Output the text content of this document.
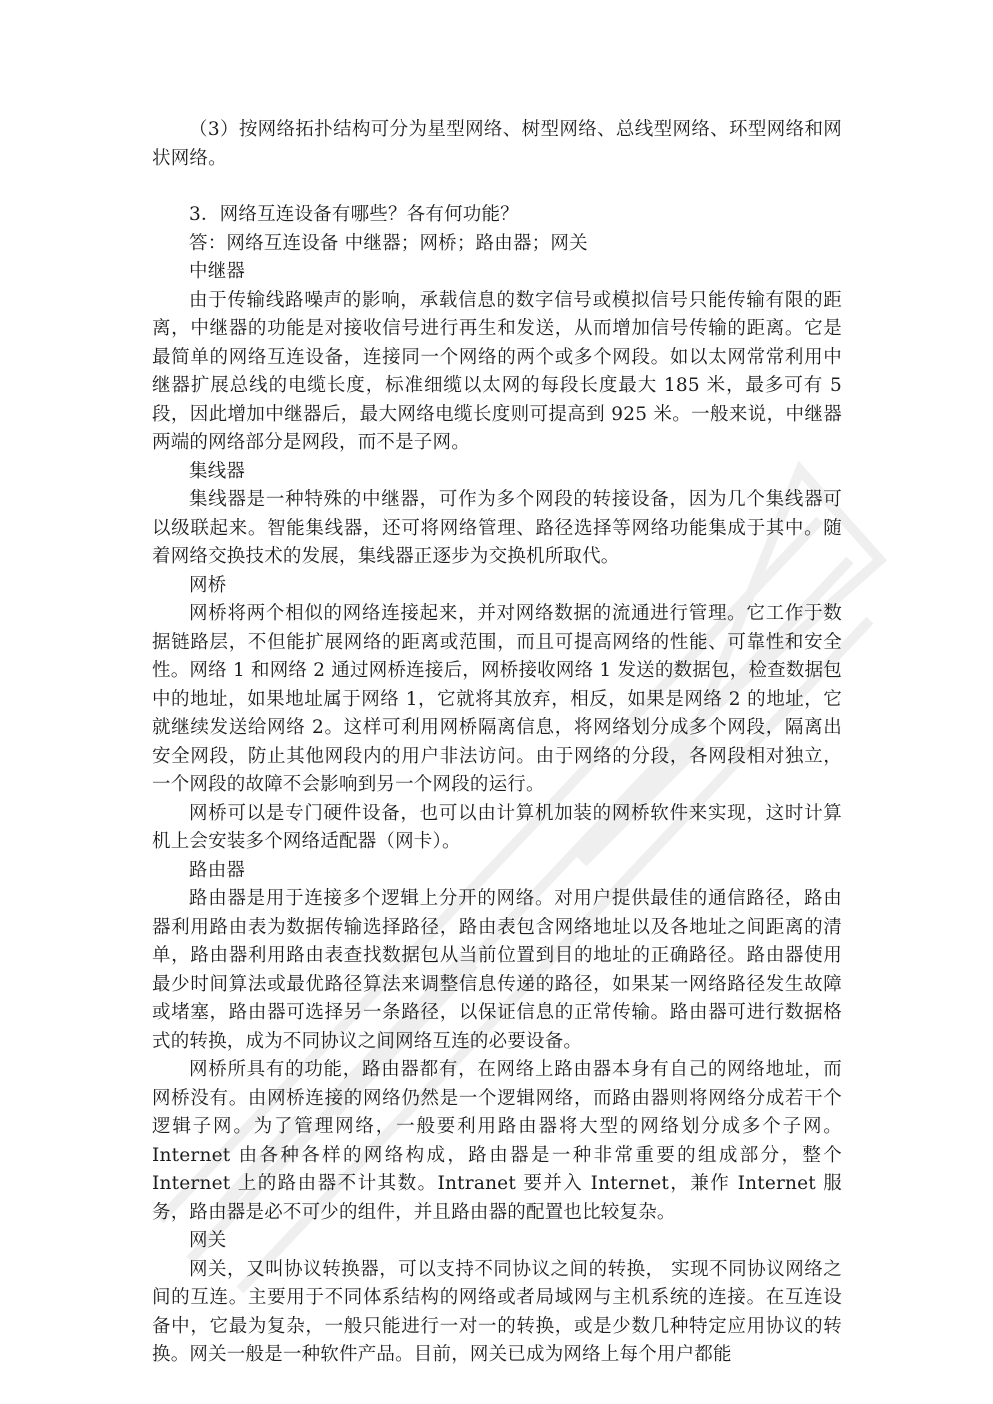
（3）按网络拓扑结构可分为星型网络、树型网络、总线型网络、环型网络和网状网络。

3．网络互连设备有哪些？各有何功能？

答：网络互连设备 中继器；网桥；路由器；网关

中继器

由于传输线路噪声的影响，承载信息的数字信号或模拟信号只能传输有限的距离，中继器的功能是对接收信号进行再生和发送，从而增加信号传输的距离。它是最简单的网络互连设备，连接同一个网络的两个或多个网段。如以太网常常利用中继器扩展总线的电缆长度，标准细缆以太网的每段长度最大 185 米，最多可有 5 段，因此增加中继器后，最大网络电缆长度则可提高到 925 米。一般来说，中继器两端的网络部分是网段，而不是子网。

集线器

集线器是一种特殊的中继器，可作为多个网段的转接设备，因为几个集线器可以级联起来。智能集线器，还可将网络管理、路径选择等网络功能集成于其中。随着网络交换技术的发展，集线器正逐步为交换机所取代。

网桥

网桥将两个相似的网络连接起来，并对网络数据的流通进行管理。它工作于数据链路层，不但能扩展网络的距离或范围，而且可提高网络的性能、可靠性和安全性。网络 1 和网络 2 通过网桥连接后，网桥接收网络 1 发送的数据包，检查数据包中的地址，如果地址属于网络 1，它就将其放弃，相反，如果是网络 2 的地址，它就继续发送给网络 2。这样可利用网桥隔离信息，将网络划分成多个网段，隔离出安全网段，防止其他网段内的用户非法访问。由于网络的分段，各网段相对独立，一个网段的故障不会影响到另一个网段的运行。

网桥可以是专门硬件设备，也可以由计算机加装的网桥软件来实现，这时计算机上会安装多个网络适配器（网卡）。

路由器

路由器是用于连接多个逻辑上分开的网络。对用户提供最佳的通信路径，路由器利用路由表为数据传输选择路径，路由表包含网络地址以及各地址之间距离的清单，路由器利用路由表查找数据包从当前位置到目的地址的正确路径。路由器使用最少时间算法或最优路径算法来调整信息传递的路径，如果某一网络路径发生故障或堵塞，路由器可选择另一条路径，以保证信息的正常传输。路由器可进行数据格式的转换，成为不同协议之间网络互连的必要设备。

网桥所具有的功能，路由器都有，在网络上路由器本身有自己的网络地址，而网桥没有。由网桥连接的网络仍然是一个逻辑网络，而路由器则将网络分成若干个逻辑子网。为了管理网络，一般要利用路由器将大型的网络划分成多个子网。Internet 由各种各样的网络构成，路由器是一种非常重要的组成部分，整个 Internet 上的路由器不计其数。Intranet 要并入 Internet，兼作 Internet 服务，路由器是必不可少的组件，并且路由器的配置也比较复杂。

网关

网关，又叫协议转换器，可以支持不同协议之间的转换， 实现不同协议网络之间的互连。主要用于不同体系结构的网络或者局域网与主机系统的连接。在互连设备中，它最为复杂，一般只能进行一对一的转换，或是少数几种特定应用协议的转换。网关一般是一种软件产品。目前，网关已成为网络上每个用户都能
